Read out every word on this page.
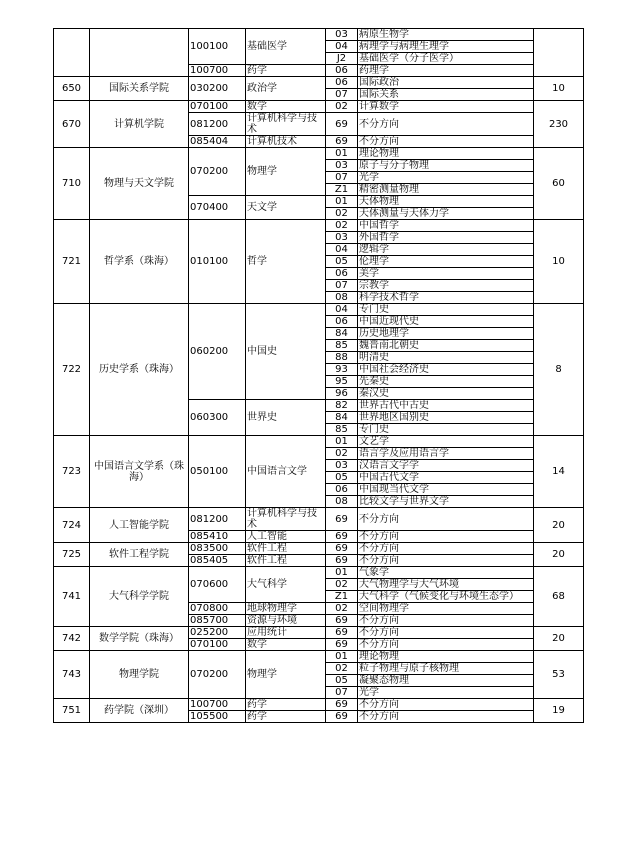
		100100	基础医学	03	病原生物学	
				04	病理学与病理生理学	
				J2	基础医学（分子医学）	
		100700	药学	06	药理学	
650	国际关系学院	030200	政治学	06	国际政治	10
				07	国际关系	
670	计算机学院	070100	数学	02	计算数学	230
		081200	计算机科学与技术	69	不分方向	
		085404	计算机技术	69	不分方向	
710	物理与天文学院	070200	物理学	01	理论物理	60
				03	原子与分子物理	
				07	光学	
				Z1	精密测量物理	
		070400	天文学	01	天体物理	
				02	天体测量与天体力学	
721	哲学系（珠海）	010100	哲学	02	中国哲学	10
				03	外国哲学	
				04	逻辑学	
				05	伦理学	
				06	美学	
				07	宗教学	
				08	科学技术哲学	
722	历史学系（珠海）	060200	中国史	04	专门史	8
				06	中国近现代史	
				84	历史地理学	
				85	魏晋南北朝史	
				88	明清史	
				93	中国社会经济史	
				95	先秦史	
				96	秦汉史	
		060300	世界史	82	世界古代中古史	
				84	世界地区国别史	
				85	专门史	
723	中国语言文学系（珠海）	050100	中国语言文学	01	文艺学	14
				02	语言学及应用语言学	
				03	汉语言文字学	
				05	中国古代文学	
				06	中国现当代文学	
				08	比较文学与世界文学	
724	人工智能学院	081200	计算机科学与技术	69	不分方向	20
		085410	人工智能	69	不分方向	
725	软件工程学院	083500	软件工程	69	不分方向	20
		085405	软件工程	69	不分方向	
741	大气科学学院	070600	大气科学	01	气象学	68
				02	大气物理学与大气环境	
				Z1	大气科学（气候变化与环境生态学）	
		070800	地球物理学	02	空间物理学	
		085700	资源与环境	69	不分方向	
742	数学学院（珠海）	025200	应用统计	69	不分方向	20
		070100	数学	69	不分方向	
743	物理学院	070200	物理学	01	理论物理	53
				02	粒子物理与原子核物理	
				05	凝聚态物理	
				07	光学	
751	药学院（深圳）	100700	药学	69	不分方向	19
		105500	药学	69	不分方向	
